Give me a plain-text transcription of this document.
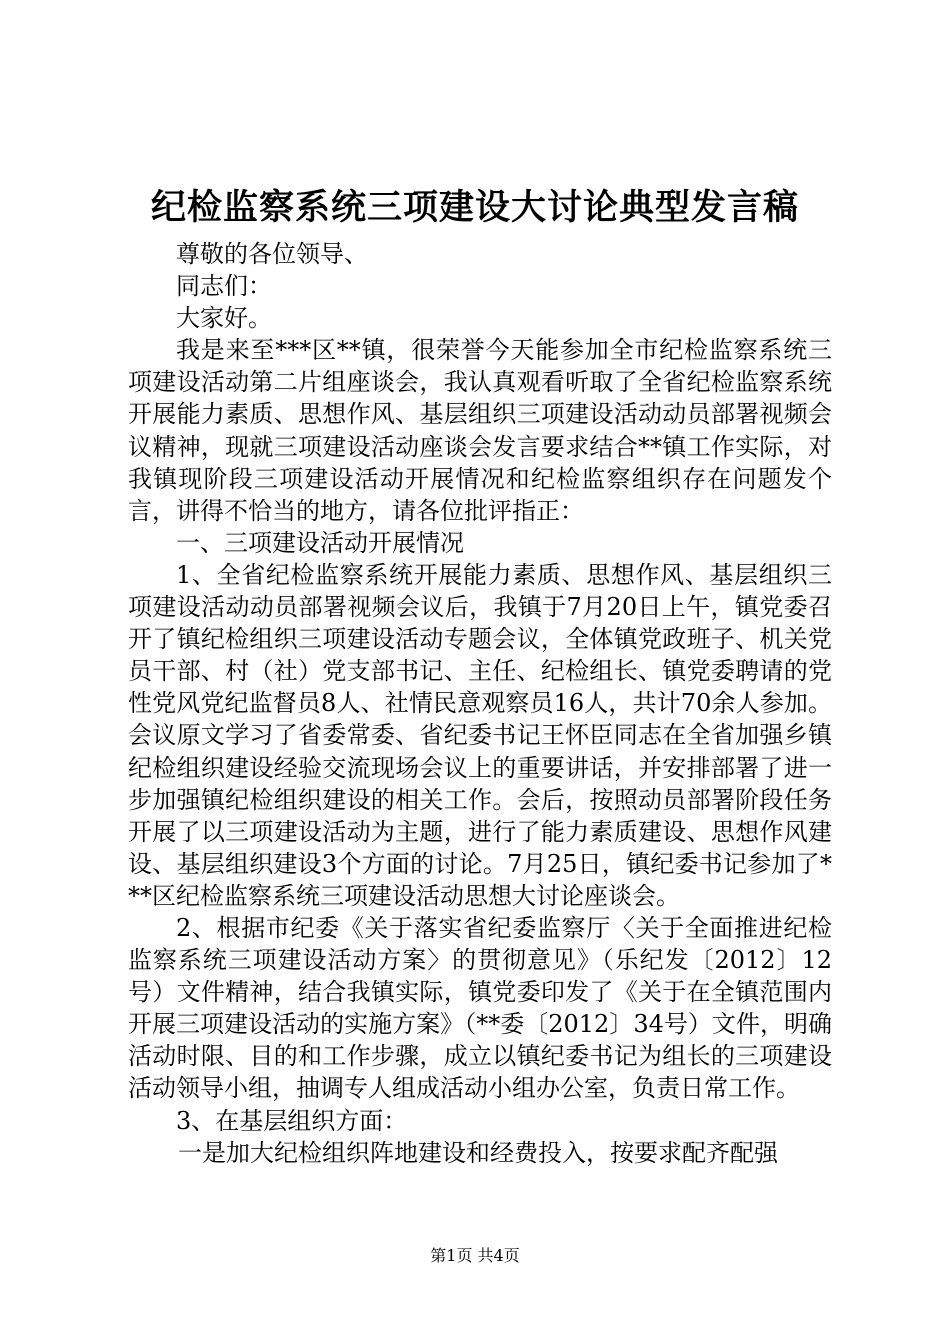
纪检监察系统三项建设大讨论典型发言稿

尊敬的各位领导、

同志们：

大家好。

我是来至***区**镇，很荣誉今天能参加全市纪检监察系统三项建设活动第二片组座谈会，我认真观看听取了全省纪检监察系统开展能力素质、思想作风、基层组织三项建设活动动员部署视频会议精神，现就三项建设活动座谈会发言要求结合**镇工作实际，对我镇现阶段三项建设活动开展情况和纪检监察组织存在问题发个言，讲得不恰当的地方，请各位批评指正：

一、三项建设活动开展情况

1、全省纪检监察系统开展能力素质、思想作风、基层组织三项建设活动动员部署视频会议后，我镇于7月20日上午，镇党委召开了镇纪检组织三项建设活动专题会议，全体镇党政班子、机关党员干部、村（社）党支部书记、主任、纪检组长、镇党委聘请的党性党风党纪监督员8人、社情民意观察员16人，共计70余人参加。会议原文学习了省委常委、省纪委书记王怀臣同志在全省加强乡镇纪检组织建设经验交流现场会议上的重要讲话，并安排部署了进一步加强镇纪检组织建设的相关工作。会后，按照动员部署阶段任务开展了以三项建设活动为主题，进行了能力素质建设、思想作风建设、基层组织建设3个方面的讨论。7月25日，镇纪委书记参加了***区纪检监察系统三项建设活动思想大讨论座谈会。

2、根据市纪委《关于落实省纪委监察厅〈关于全面推进纪检监察系统三项建设活动方案〉的贯彻意见》（乐纪发〔2012〕12号）文件精神，结合我镇实际，镇党委印发了《关于在全镇范围内开展三项建设活动的实施方案》（**委〔2012〕34号）文件，明确活动时限、目的和工作步骤，成立以镇纪委书记为组长的三项建设活动领导小组，抽调专人组成活动小组办公室，负责日常工作。

3、在基层组织方面：

一是加大纪检组织阵地建设和经费投入，按要求配齐配强

第1页 共4页
